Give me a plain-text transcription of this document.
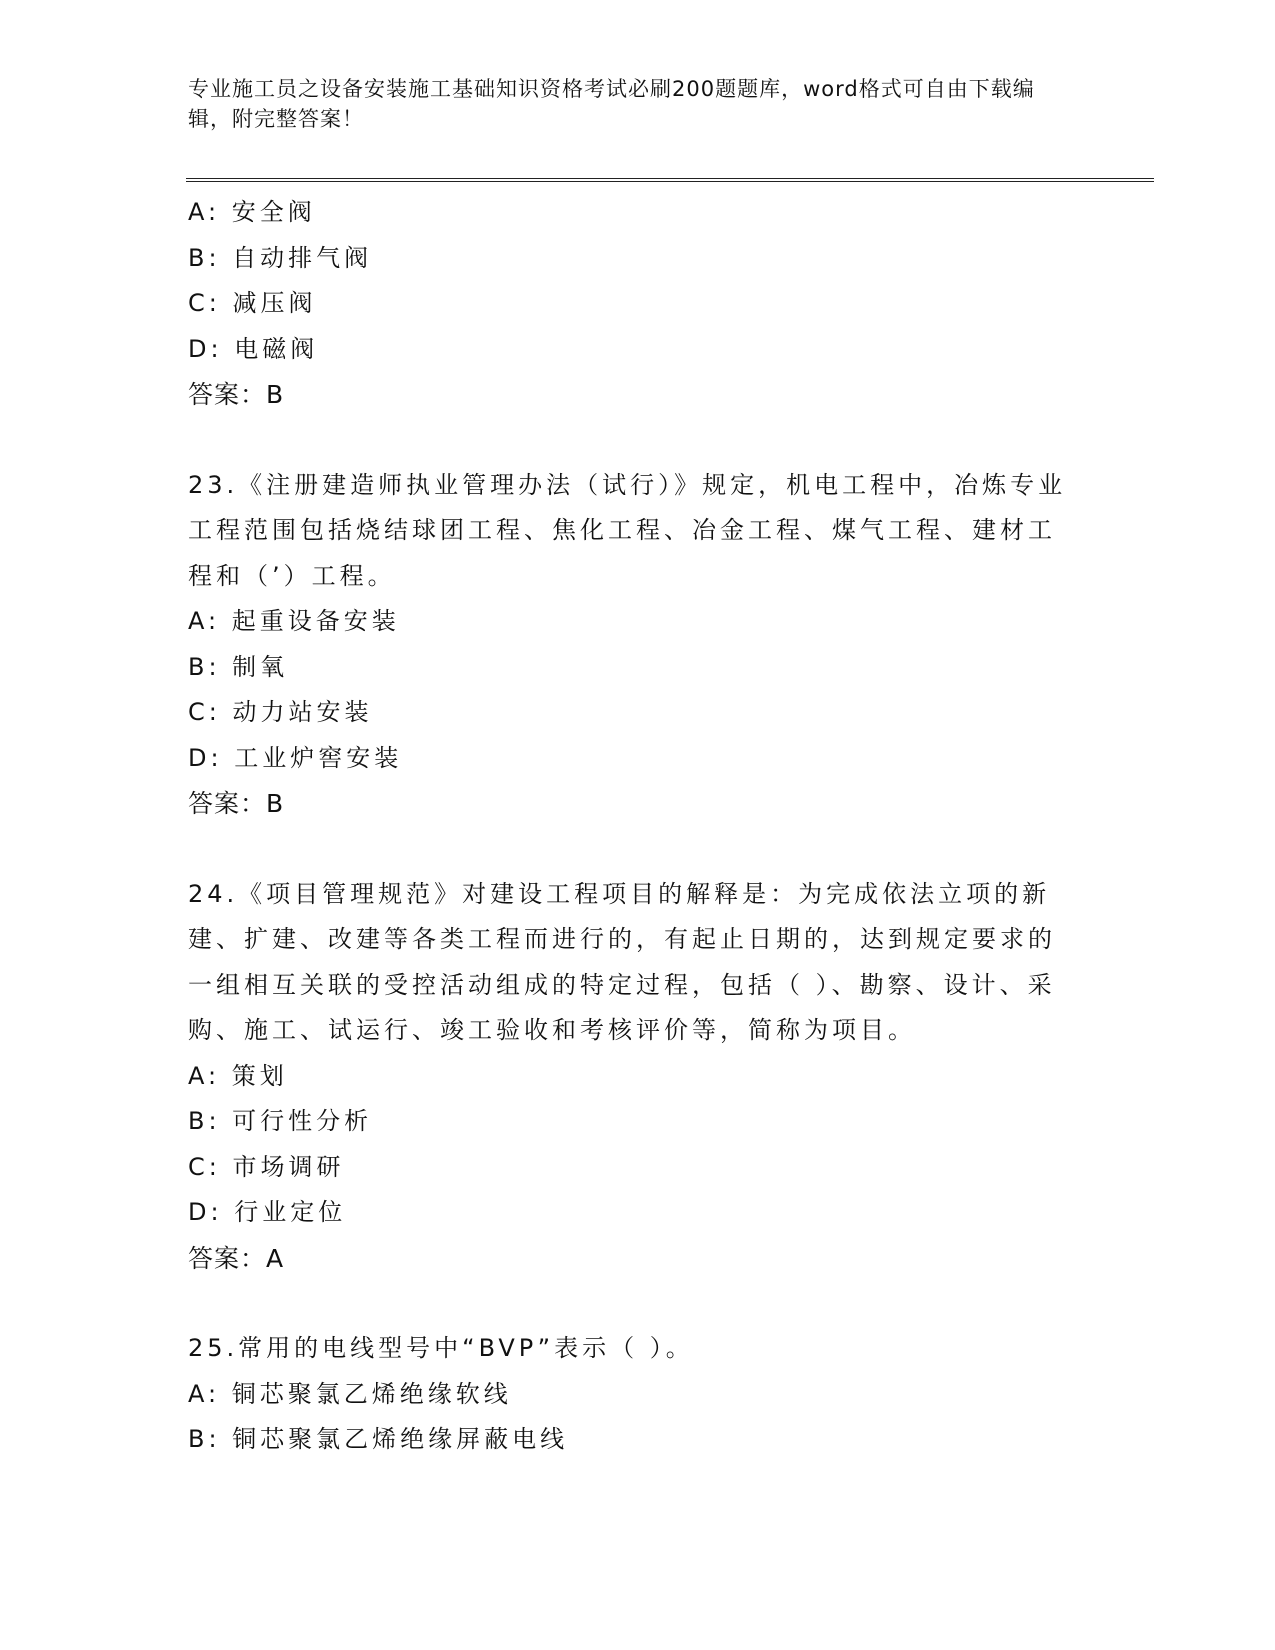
专业施工员之设备安装施工基础知识资格考试必刷200题题库，word格式可自由下载编辑，附完整答案！
A: 安全阀
B: 自动排气阀
C: 减压阀
D: 电磁阀
答案：B
23.《注册建造师执业管理办法（试行）》规定，机电工程中，冶炼专业工程范围包括烧结球团工程、焦化工程、冶金工程、煤气工程、建材工程和（’）工程。
A: 起重设备安装
B: 制氧
C: 动力站安装
D: 工业炉窖安装
答案：B
24.《项目管理规范》对建设工程项目的解释是：为完成依法立项的新建、扩建、改建等各类工程而进行的，有起止日期的，达到规定要求的一组相互关联的受控活动组成的特定过程，包括（ ）、勘察、设计、采购、施工、试运行、竣工验收和考核评价等，简称为项目。
A: 策划
B: 可行性分析
C: 市场调研
D: 行业定位
答案：A
25.常用的电线型号中“BVP”表示（ ）。
A: 铜芯聚氯乙烯绝缘软线
B: 铜芯聚氯乙烯绝缘屏蔽电线
